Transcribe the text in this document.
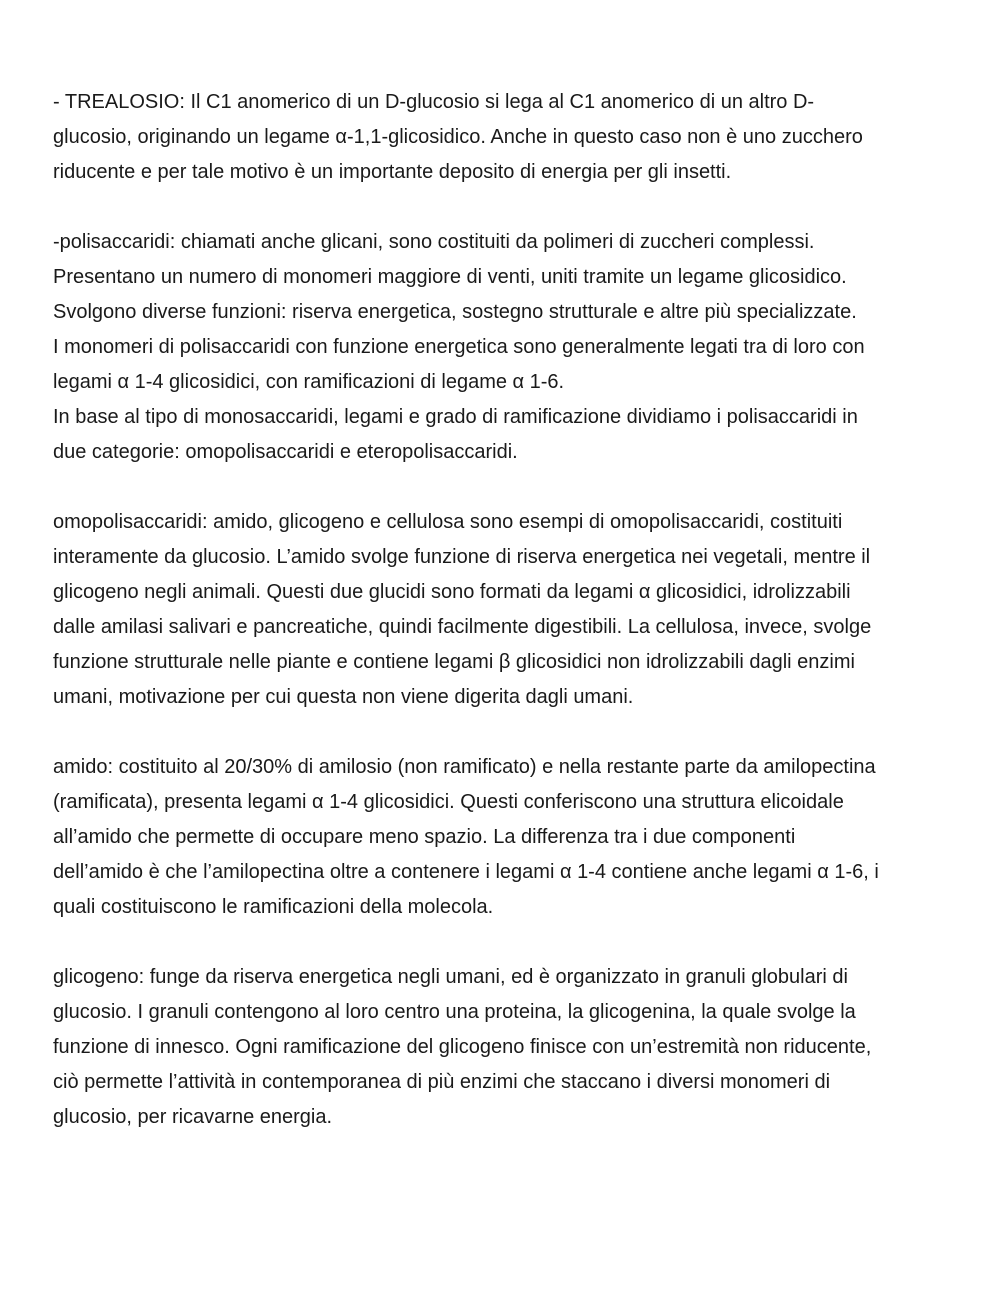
- TREALOSIO: Il C1 anomerico di un D-glucosio si lega al C1 anomerico di un altro D-
glucosio, originando un legame α-1,1-glicosidico. Anche in questo caso non è uno zucchero
riducente e per tale motivo è un importante deposito di energia per gli insetti.
-polisaccaridi: chiamati anche glicani, sono costituiti da polimeri di zuccheri complessi.
Presentano un numero di monomeri maggiore di venti, uniti tramite un legame glicosidico.
Svolgono diverse funzioni: riserva energetica, sostegno strutturale e altre più specializzate.
I monomeri di polisaccaridi con funzione energetica sono generalmente legati tra di loro con
legami α 1-4 glicosidici, con ramificazioni di legame α 1-6.
In base al tipo di monosaccaridi, legami e grado di ramificazione dividiamo i polisaccaridi in
due categorie: omopolisaccaridi e eteropolisaccaridi.
omopolisaccaridi: amido, glicogeno e cellulosa sono esempi di omopolisaccaridi, costituiti
interamente da glucosio. L’amido svolge funzione di riserva energetica nei vegetali, mentre il
glicogeno negli animali. Questi due glucidi sono formati da legami α glicosidici, idrolizzabili
dalle amilasi salivari e pancreatiche, quindi facilmente digestibili. La cellulosa, invece, svolge
funzione strutturale nelle piante e contiene legami β glicosidici non idrolizzabili dagli enzimi
umani, motivazione per cui questa non viene digerita dagli umani.
amido: costituito al 20/30% di amilosio (non ramificato) e nella restante parte da amilopectina
(ramificata), presenta legami α 1-4 glicosidici. Questi conferiscono una struttura elicoidale
all’amido che permette di occupare meno spazio. La differenza tra i due componenti
dell’amido è che l’amilopectina oltre a contenere i legami α 1-4 contiene anche legami α 1-6, i
quali costituiscono le ramificazioni della molecola.
glicogeno: funge da riserva energetica negli umani, ed è organizzato in granuli globulari di
glucosio. I granuli contengono al loro centro una proteina, la glicogenina, la quale svolge la
funzione di innesco. Ogni ramificazione del glicogeno finisce con un’estremità non riducente,
ciò permette l’attività in contemporanea di più enzimi che staccano i diversi monomeri di
glucosio, per ricavarne energia.
